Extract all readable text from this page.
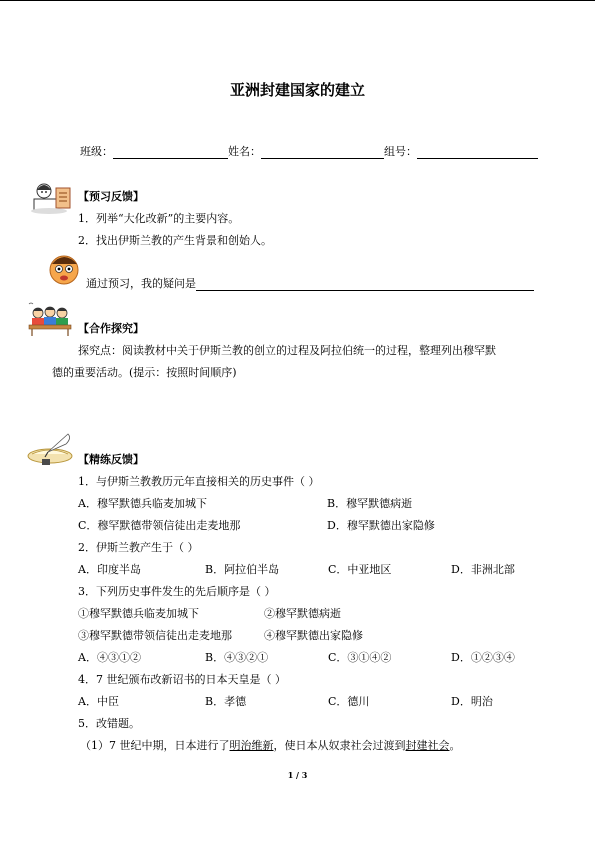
亚洲封建国家的建立
班级：	姓名：	组号：
【预习反馈】
1．列举“大化改新”的主要内容。
2．找出伊斯兰教的产生背景和创始人。
通过预习，我的疑问是
【合作探究】
探究点：阅读教材中关于伊斯兰教的创立的过程及阿拉伯统一的过程，整理列出穆罕默
德的重要活动。(提示：按照时间顺序)
【精练反馈】
1．与伊斯兰教教历元年直接相关的历史事件（ ）
A．穆罕默德兵临麦加城下	B．穆罕默德病逝
C．穆罕默德带领信徒出走麦地那	D．穆罕默德出家隐修
2．伊斯兰教产生于（ ）
A．印度半岛	B．阿拉伯半岛	C．中亚地区	D．非洲北部
3．下列历史事件发生的先后顺序是（ ）
①穆罕默德兵临麦加城下	②穆罕默德病逝
③穆罕默德带领信徒出走麦地那	④穆罕默德出家隐修
A．④③①②	B．④③②①	C．③①④②	D．①②③④
4．7 世纪颁布改新诏书的日本天皇是（ ）
A．中臣	B．孝德	C．德川	D．明治
5．改错题。
（1）7 世纪中期，日本进行了明治维新，使日本从奴隶社会过渡到封建社会。
1 / 3
